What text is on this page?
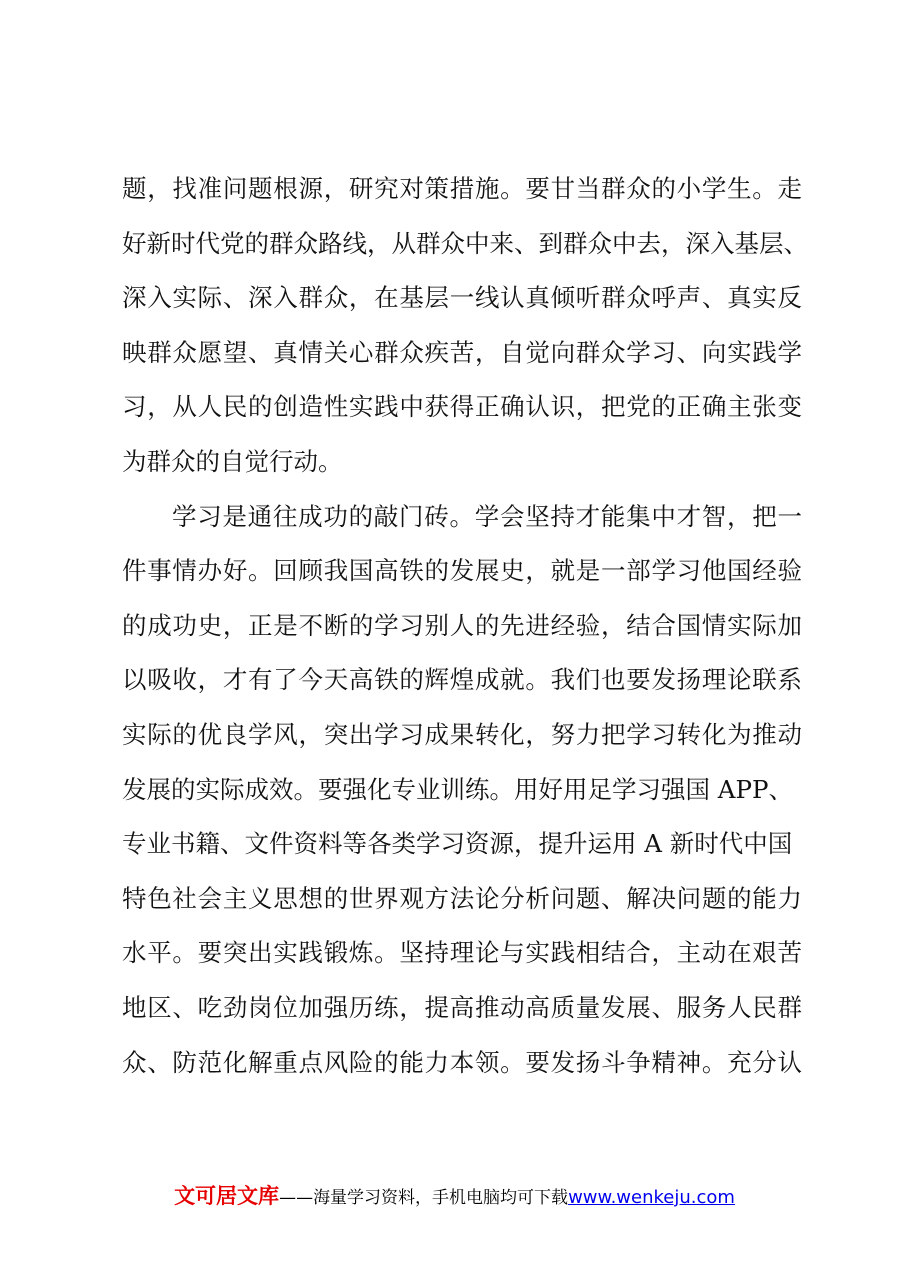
题，找准问题根源，研究对策措施。要甘当群众的小学生。走
好新时代党的群众路线，从群众中来、到群众中去，深入基层、
深入实际、深入群众，在基层一线认真倾听群众呼声、真实反
映群众愿望、真情关心群众疾苦，自觉向群众学习、向实践学
习，从人民的创造性实践中获得正确认识，把党的正确主张变
为群众的自觉行动。

学习是通往成功的敲门砖。学会坚持才能集中才智，把一
件事情办好。回顾我国高铁的发展史，就是一部学习他国经验
的成功史，正是不断的学习别人的先进经验，结合国情实际加
以吸收，才有了今天高铁的辉煌成就。我们也要发扬理论联系
实际的优良学风，突出学习成果转化，努力把学习转化为推动
发展的实际成效。要强化专业训练。用好用足学习强国 APP、
专业书籍、文件资料等各类学习资源，提升运用 A 新时代中国
特色社会主义思想的世界观方法论分析问题、解决问题的能力
水平。要突出实践锻炼。坚持理论与实践相结合，主动在艰苦
地区、吃劲岗位加强历练，提高推动高质量发展、服务人民群
众、防范化解重点风险的能力本领。要发扬斗争精神。充分认

文可居文库——海量学习资料，手机电脑均可下载www.wenkeju.com
